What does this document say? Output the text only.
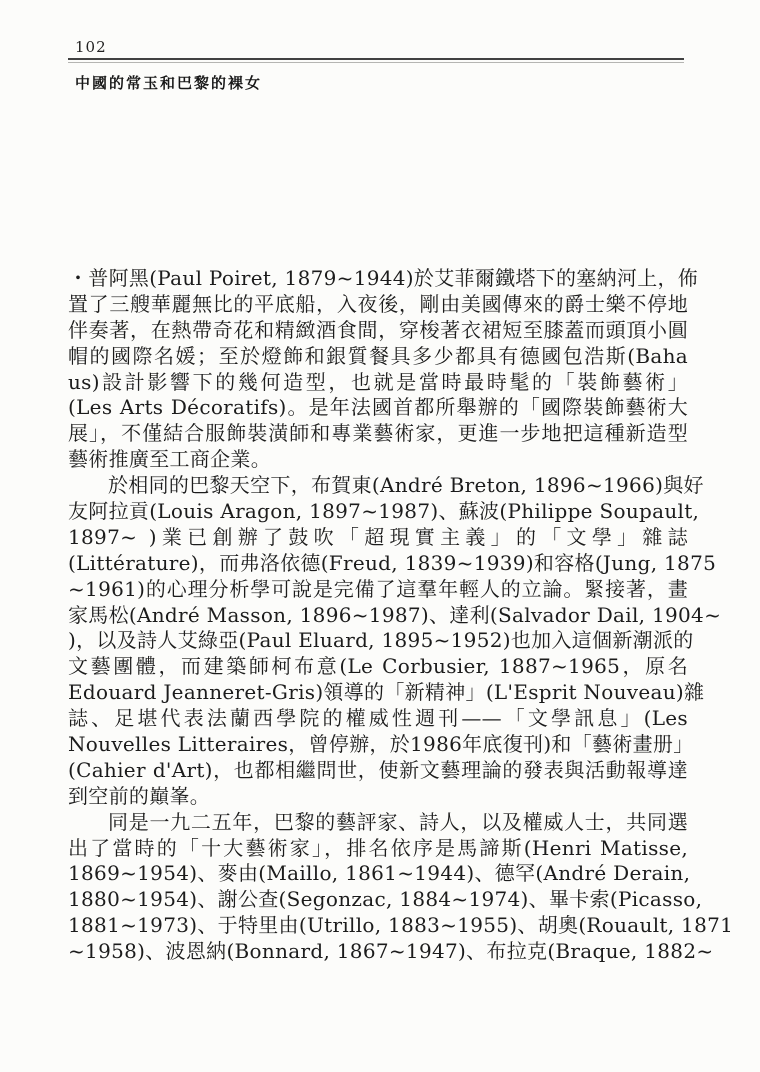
102
中國的常玉和巴黎的裸女
・普阿黑(Paul Poiret, 1879~1944)於艾菲爾鐵塔下的塞納河上，佈
置了三艘華麗無比的平底船，入夜後，剛由美國傳來的爵士樂不停地
伴奏著，在熱帶奇花和精緻酒食間，穿梭著衣裙短至膝蓋而頭頂小圓
帽的國際名媛；至於燈飾和銀質餐具多少都具有德國包浩斯(Baha
us)設計影響下的幾何造型，也就是當時最時髦的「裝飾藝術」
(Les Arts Décoratifs)。是年法國首都所舉辦的「國際裝飾藝術大
展」，不僅結合服飾裝潢師和專業藝術家，更進一步地把這種新造型
藝術推廣至工商企業。
於相同的巴黎天空下，布賀東(André Breton, 1896~1966)與好
友阿拉貢(Louis Aragon, 1897~1987)、蘇波(Philippe Soupault,
1897~ )業已創辦了鼓吹「超現實主義」的「文學」雜誌
(Littérature)，而弗洛依德(Freud, 1839~1939)和容格(Jung, 1875
~1961)的心理分析學可說是完備了這羣年輕人的立論。緊接著，畫
家馬松(André Masson, 1896~1987)、達利(Salvador Dail, 1904~
)，以及詩人艾綠亞(Paul Eluard, 1895~1952)也加入這個新潮派的
文藝團體，而建築師柯布意(Le Corbusier, 1887~1965，原名
Edouard Jeanneret-Gris)領導的「新精神」(L'Esprit Nouveau)雜
誌、足堪代表法蘭西學院的權威性週刊——「文學訊息」(Les
Nouvelles Litteraires，曾停辦，於1986年底復刊)和「藝術畫册」
(Cahier d'Art)，也都相繼問世，使新文藝理論的發表與活動報導達
到空前的巔峯。
同是一九二五年，巴黎的藝評家、詩人，以及權威人士，共同選
出了當時的「十大藝術家」，排名依序是馬諦斯(Henri Matisse,
1869~1954)、麥由(Maillo, 1861~1944)、德罕(André Derain,
1880~1954)、謝公查(Segonzac, 1884~1974)、畢卡索(Picasso,
1881~1973)、于特里由(Utrillo, 1883~1955)、胡奧(Rouault, 1871
~1958)、波恩納(Bonnard, 1867~1947)、布拉克(Braque, 1882~
